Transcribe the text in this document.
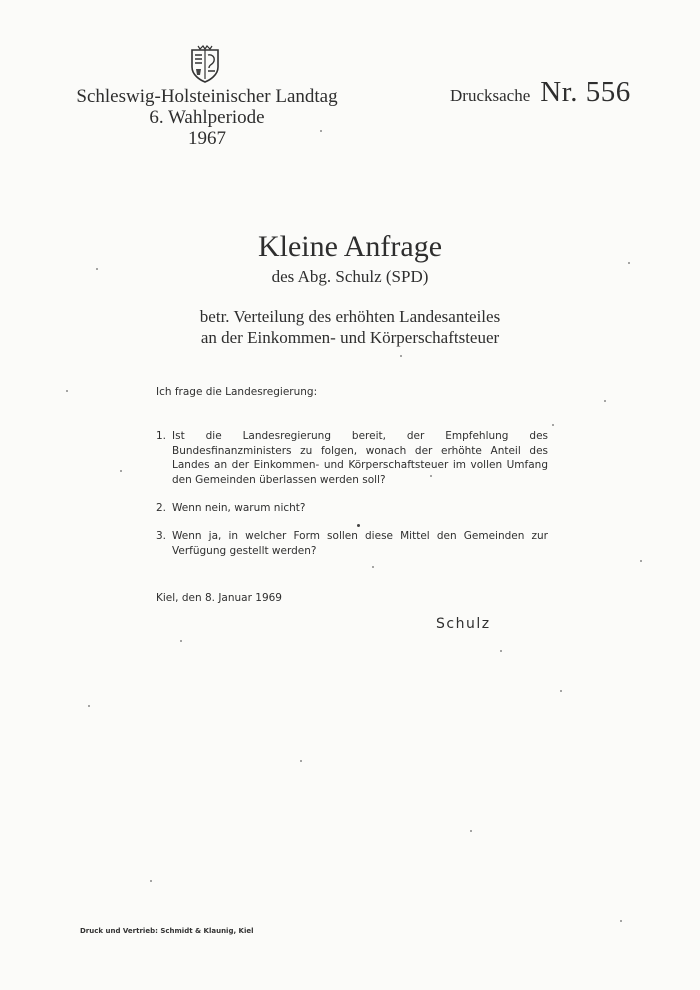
Schleswig-Holsteinischer Landtag
6. Wahlperiode
1967
Drucksache Nr. 556
Kleine Anfrage
des Abg. Schulz (SPD)
betr. Verteilung des erhöhten Landesanteiles
an der Einkommen- und Körperschaftsteuer
Ich frage die Landesregierung:
1. Ist die Landesregierung bereit, der Empfehlung des Bundesfinanzministers zu folgen, wonach der erhöhte Anteil des Landes an der Einkommen- und Körperschaftsteuer im vollen Umfang den Gemeinden überlassen werden soll?
2. Wenn nein, warum nicht?
3. Wenn ja, in welcher Form sollen diese Mittel den Gemeinden zur Verfügung gestellt werden?
Kiel, den 8. Januar 1969
Schulz
Druck und Vertrieb: Schmidt & Klaunig, Kiel
